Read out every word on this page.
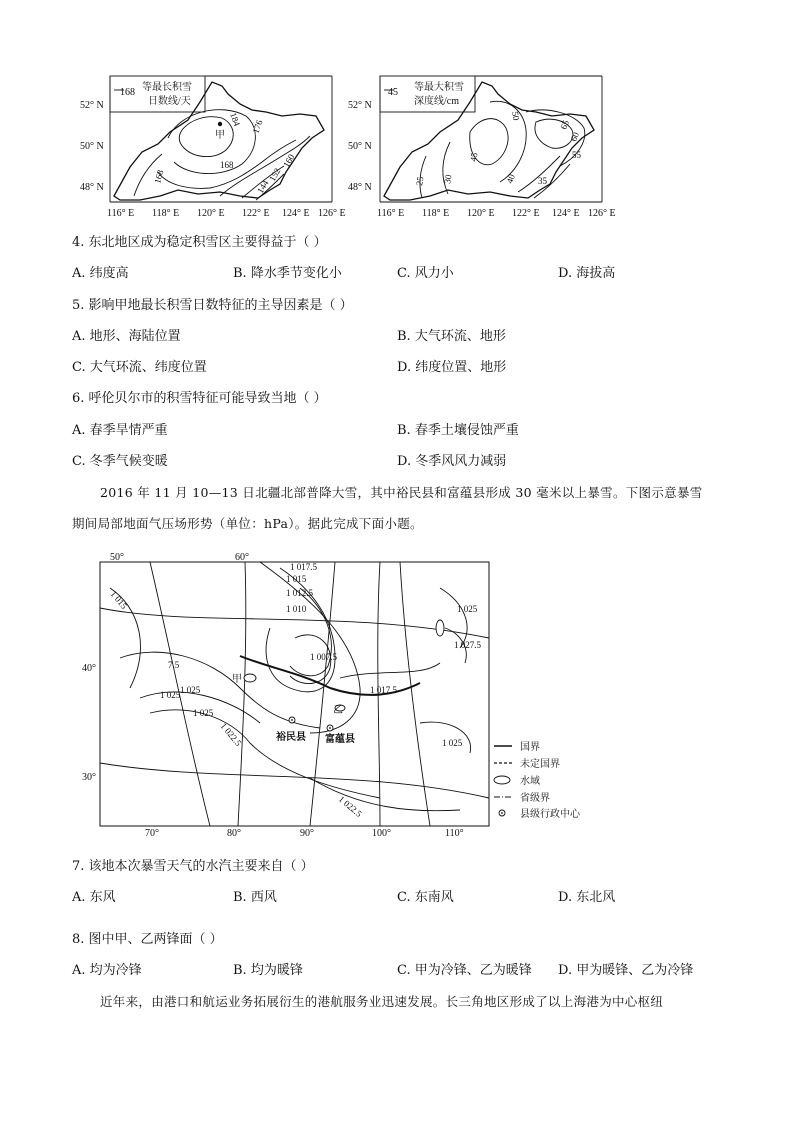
168 等最长积雪
日数线/天
52° N
50° N
48° N
甲
184 176
168
168	160
152
144
116° E 118° E 120° E 122° E 124° E 126° E
45 等最大积雪
深度线/cm
52° N
50° N
48° N
50
65
60
55
45
40 35
30
25
116° E 118° E 120° E 122° E 124° E 126° E
4. 东北地区成为稳定积雪区主要得益于（ ）
A. 纬度高	B. 降水季节变化小	C. 风力小	D. 海拔高
5. 影响甲地最长积雪日数特征的主导因素是（ ）
A. 地形、海陆位置	B. 大气环流、地形
C. 大气环流、纬度位置	D. 纬度位置、地形
6. 呼伦贝尔市的积雪特征可能导致当地（ ）
A. 春季旱情严重	B. 春季土壤侵蚀严重
C. 冬季气候变暖	D. 冬季风风力减弱
2016 年 11 月 10—13 日北疆北部普降大雪，其中裕民县和富蕴县形成 30 毫米以上暴雪。下图示意暴雪
期间局部地面气压场形势（单位：hPa）。据此完成下面小题。
50°	60°
70°	80°	90°	100°	110°
40°
30°
1 017.5
1 015
1 012.5
1 010
1 015
1 007.5
1 017.5
1 025
1 027.5
1 025
1 025
1 022.5	1 025
1 022.5
1 025
7.5
甲
乙
裕民县 富蕴县
国界
未定国界
水域
省级界
县级行政中心
7. 该地本次暴雪天气的水汽主要来自（ ）
A. 东风	B. 西风	C. 东南风	D. 东北风
8. 图中甲、乙两锋面（ ）
A. 均为冷锋	B. 均为暖锋	C. 甲为冷锋、乙为暖锋 D. 甲为暖锋、乙为冷锋
近年来，由港口和航运业务拓展衍生的港航服务业迅速发展。长三角地区形成了以上海港为中心枢纽
